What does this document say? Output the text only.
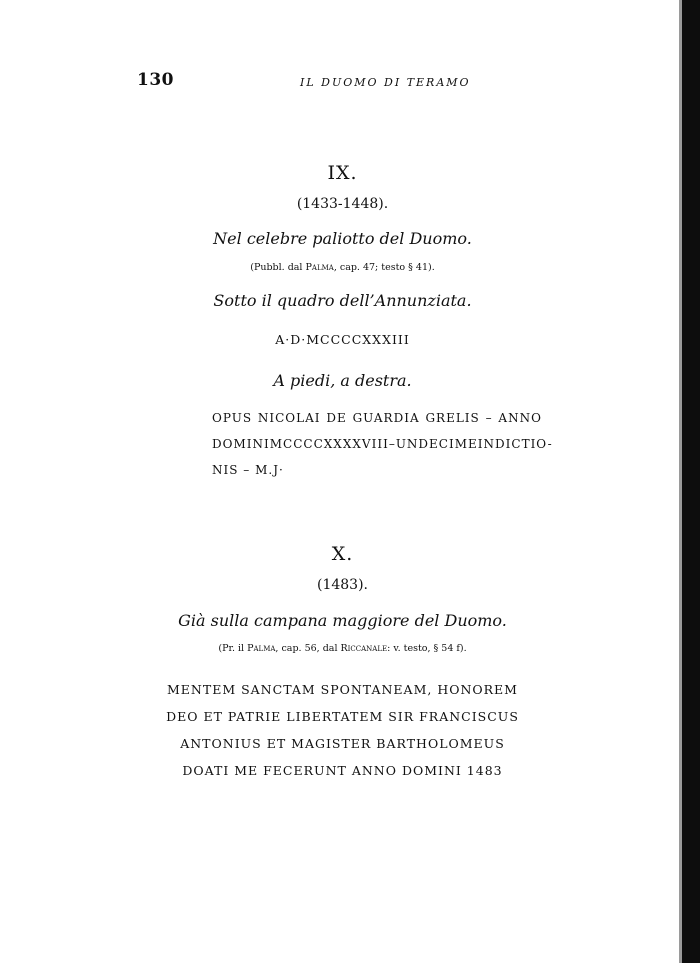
130	IL DUOMO DI TERAMO
IX.
(1433-1448).
Nel celebre paliotto del Duomo.
(Pubbl. dal Palma, cap. 47; testo § 41).
Sotto il quadro dell’Annunziata.
A·D·MCCCCXXXIII
A piedi, a destra.
OPUS NICOLAI DE GUARDIA GRELIS – ANNO
DOMINI MCCCCXXXXVIII – UNDECIME INDICTIO-
NIS – M.J·
X.
(1483).
Già sulla campana maggiore del Duomo.
(Pr. il Palma, cap. 56, dal Riccanale: v. testo, § 54 f).
MENTEM SANCTAM SPONTANEAM, HONOREM
DEO ET PATRIE LIBERTATEM SIR FRANCISCUS
ANTONIUS ET MAGISTER BARTHOLOMEUS
DOATI ME FECERUNT ANNO DOMINI 1483
